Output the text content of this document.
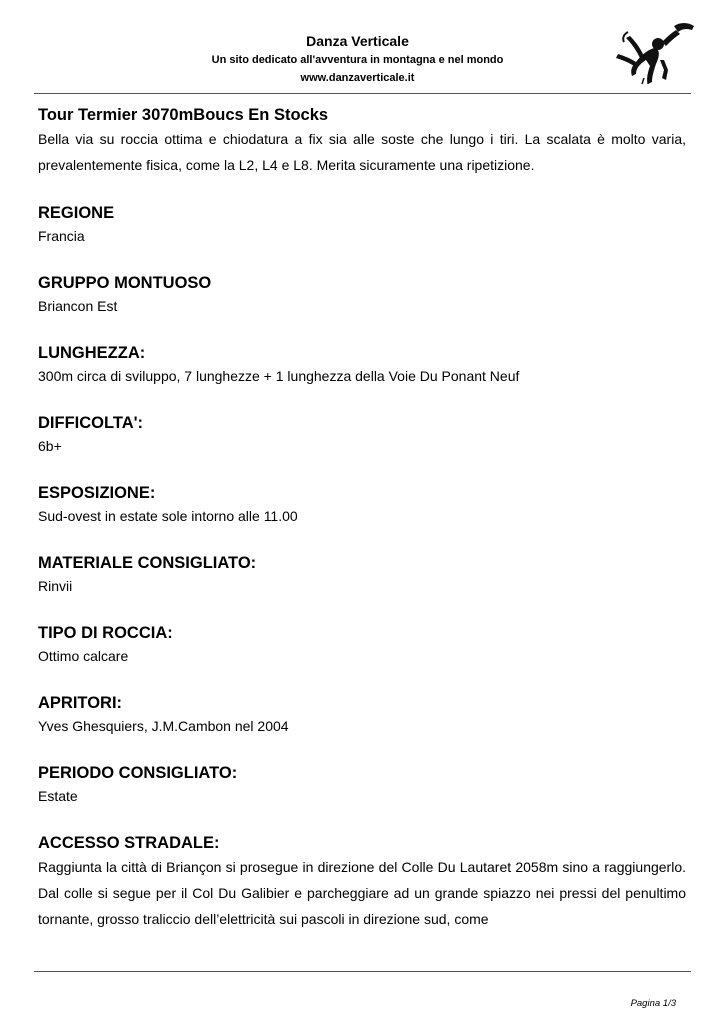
Danza Verticale
Un sito dedicato all'avventura in montagna e nel mondo
www.danzaverticale.it
Tour Termier 3070mBoucs En Stocks

Bella via su roccia ottima e chiodatura a fix sia alle soste che lungo i tiri. La scalata è molto varia, prevalentemente fisica, come la L2, L4 e L8. Merita sicuramente una ripetizione.

REGIONE

Francia

GRUPPO MONTUOSO

Briancon Est

LUNGHEZZA:

300m circa di sviluppo, 7 lunghezze + 1 lunghezza della Voie Du Ponant Neuf

DIFFICOLTA':

6b+

ESPOSIZIONE:

Sud-ovest in estate sole intorno alle 11.00

MATERIALE CONSIGLIATO:

Rinvii

TIPO DI ROCCIA:

Ottimo calcare

APRITORI:

Yves Ghesquiers, J.M.Cambon nel 2004

PERIODO CONSIGLIATO:

Estate

ACCESSO STRADALE:

Raggiunta la città di Briançon si prosegue in direzione del Colle Du Lautaret 2058m sino a raggiungerlo. Dal colle si segue per il Col Du Galibier e parcheggiare ad un grande spiazzo nei pressi del penultimo tornante, grosso traliccio dell’elettricità sui pascoli in direzione sud, come

Pagina 1/3
